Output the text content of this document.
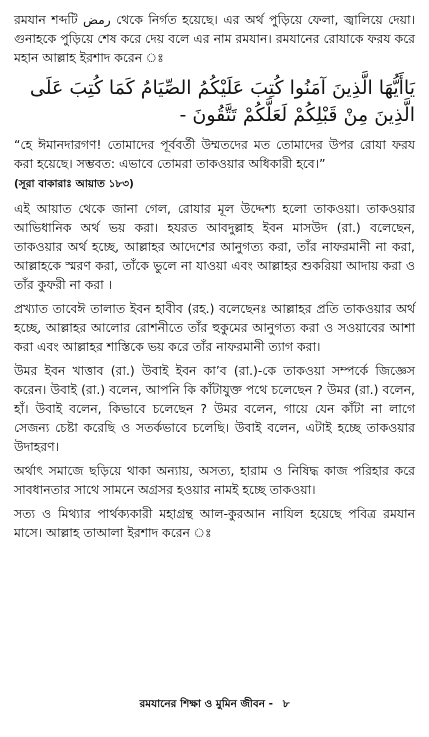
রমযান শব্দটি رمض থেকে নির্গত হয়েছে। এর অর্থ পুড়িয়ে ফেলা, জ্বালিয়ে দেয়া। গুনাহকে পুড়িয়ে শেষ করে দেয় বলে এর নাম রমযান। রমযানের রোযাকে ফরয করে মহান আল্লাহ ইরশাদ করেন ঃ

يَاأَيُّهَا الَّذِينَ آمَنُوا كُتِبَ عَلَيْكُمُ الصِّيَامُ كَمَا كُتِبَ عَلَى

الَّذِينَ مِنْ قَبْلِكُمْ لَعَلَّكُمْ تَتَّقُونَ -

“হে ঈমানদারগণ! তোমাদের পূর্ববর্তী উম্মতদের মত তোমাদের উপর রোযা ফরয করা হয়েছে। সম্ভবত: এভাবে তোমরা তাকওয়ার অধিকারী হবে।”

(সূরা বাকারাঃ আয়াত ১৮৩)

এই আয়াত থেকে জানা গেল, রোযার মূল উদ্দেশ্য হলো তাকওয়া। তাকওয়ার আভিধানিক অর্থ ভয় করা। হযরত আবদুল্লাহ ইবন মাসউদ (রা.) বলেছেন, তাকওয়ার অর্থ হচ্ছে, আল্লাহর আদেশের আনুগত্য করা, তাঁর নাফরমানী না করা, আল্লাহকে স্মরণ করা, তাঁকে ভুলে না যাওয়া এবং আল্লাহর শুকরিয়া আদায় করা ও তাঁর কুফরী না করা ।

প্রখ্যাত তাবেঈ তালাত ইবন হাবীব (রহ.) বলেছেনঃ আল্লাহর প্রতি তাকওয়ার অর্থ হচ্ছে, আল্লাহর আলোর রোশনীতে তাঁর হুকুমের আনুগত্য করা ও সওয়াবের আশা করা এবং আল্লাহর শাস্তিকে ভয় করে তাঁর নাফরমানী ত্যাগ করা।

উমর ইবন খাত্তাব (রা.) উবাই ইবন কা’ব (রা.)-কে তাকওয়া সম্পর্কে জিজ্ঞেস করেন। উবাই (রা.) বলেন, আপনি কি কাঁটাযুক্ত পথে চলেছেন ? উমর (রা.) বলেন, হাঁ। উবাই বলেন, কিভাবে চলেছেন ? উমর বলেন, গায়ে যেন কাঁটা না লাগে সেজন্য চেষ্টা করেছি ও সতর্কভাবে চলেছি। উবাই বলেন, এটাই হচ্ছে তাকওয়ার উদাহরণ।

অর্থাৎ সমাজে ছড়িয়ে থাকা অন্যায়, অসত্য, হারাম ও নিষিদ্ধ কাজ পরিহার করে সাবধানতার সাথে সামনে অগ্রসর হওয়ার নামই হচ্ছে তাকওয়া।

সত্য ও মিথ্যার পার্থক্যকারী মহাগ্রন্থ আল-কুরআন নাযিল হয়েছে পবিত্র রমযান মাসে। আল্লাহ তাআলা ইরশাদ করেন ঃ

রমযানের শিক্ষা ও মুমিন জীবন - ৮
